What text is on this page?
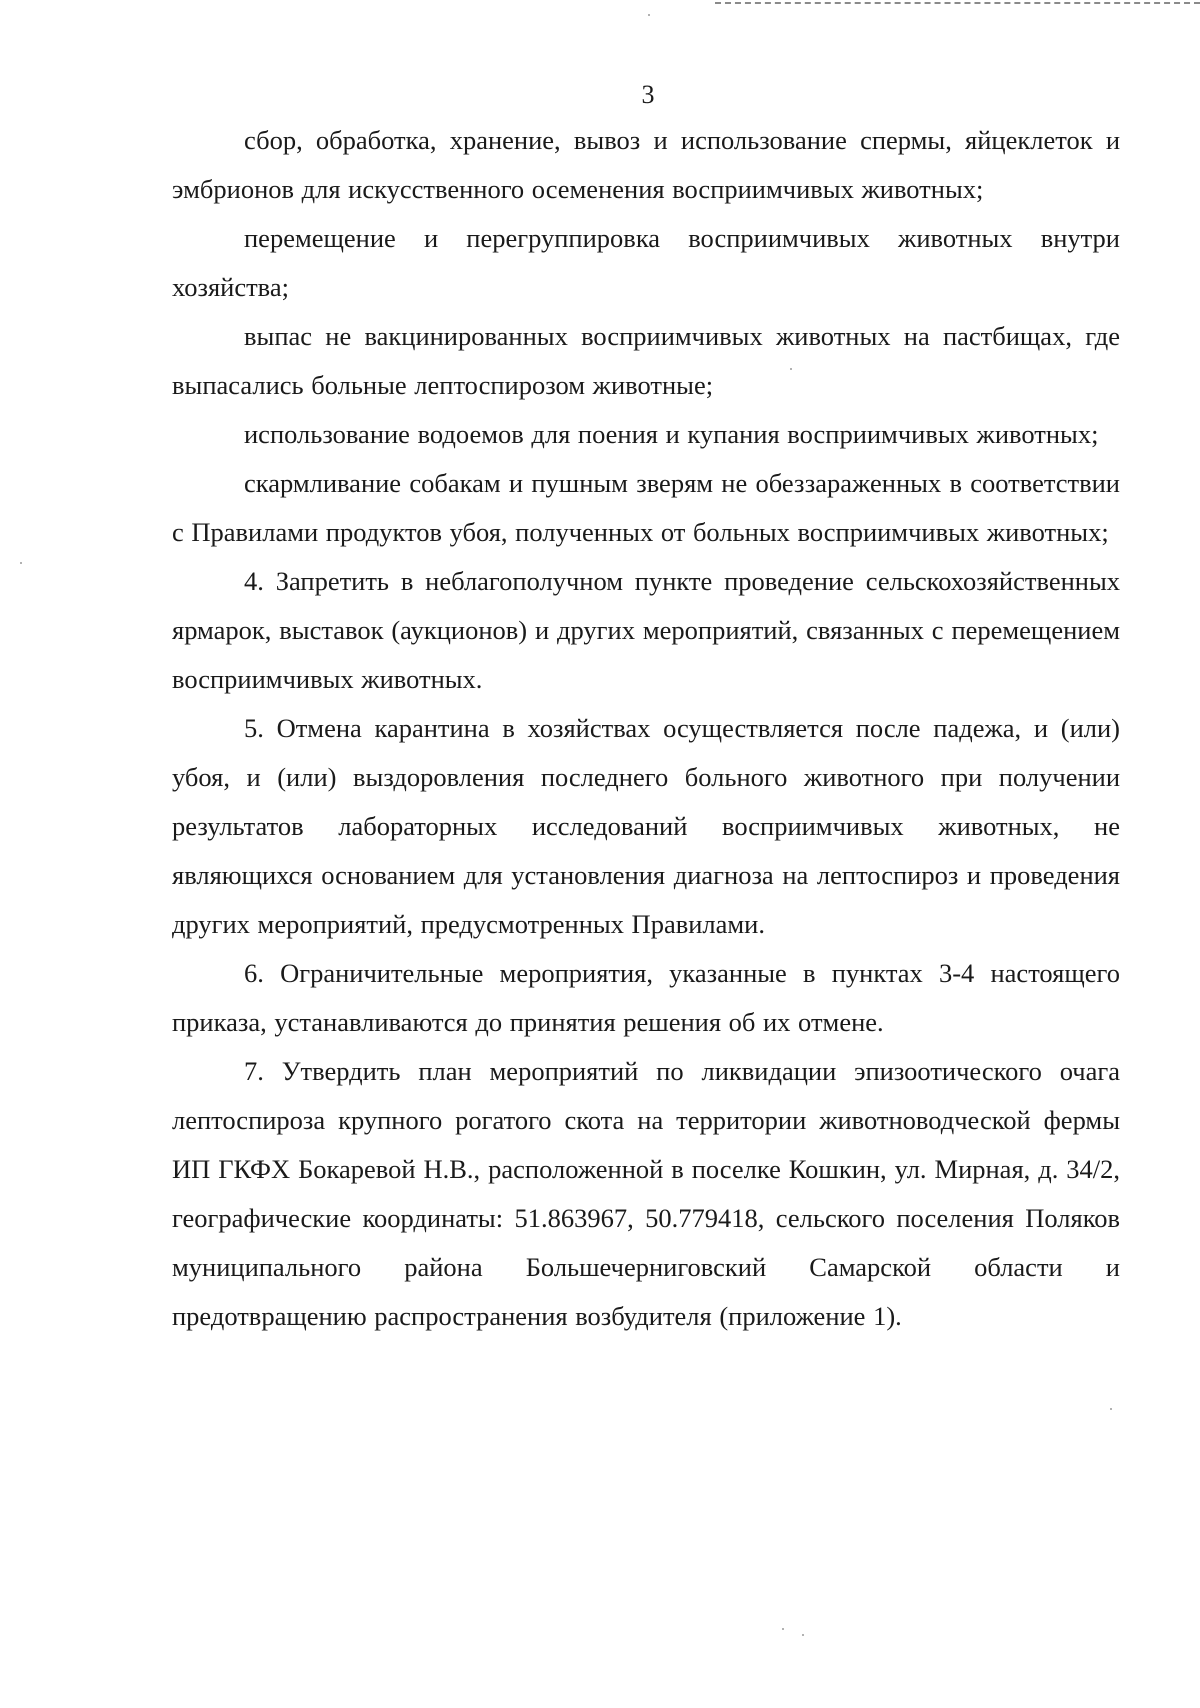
3

сбор, обработка, хранение, вывоз и использование спермы, яйцеклеток и эмбрионов для искусственного осеменения восприимчивых животных;

перемещение и перегруппировка восприимчивых животных внутри хозяйства;

выпас не вакцинированных восприимчивых животных на пастбищах, где выпасались больные лептоспирозом животные;

использование водоемов для поения и купания восприимчивых животных;

скармливание собакам и пушным зверям не обеззараженных в соответствии с Правилами продуктов убоя, полученных от больных восприимчивых животных;

4. Запретить в неблагополучном пункте проведение сельскохозяйственных ярмарок, выставок (аукционов) и других мероприятий, связанных с перемещением восприимчивых животных.

5. Отмена карантина в хозяйствах осуществляется после падежа, и (или) убоя, и (или) выздоровления последнего больного животного при получении результатов лабораторных исследований восприимчивых животных, не являющихся основанием для установления диагноза на лептоспироз и проведения других мероприятий, предусмотренных Правилами.

6. Ограничительные мероприятия, указанные в пунктах 3-4 настоящего приказа, устанавливаются до принятия решения об их отмене.

7. Утвердить план мероприятий по ликвидации эпизоотического очага лептоспироза крупного рогатого скота на территории животноводческой фермы ИП ГКФХ Бокаревой Н.В., расположенной в поселке Кошкин, ул. Мирная, д. 34/2, географические координаты: 51.863967, 50.779418, сельского поселения Поляков муниципального района Большечерниговский Самарской области и предотвращению распространения возбудителя (приложение 1).
